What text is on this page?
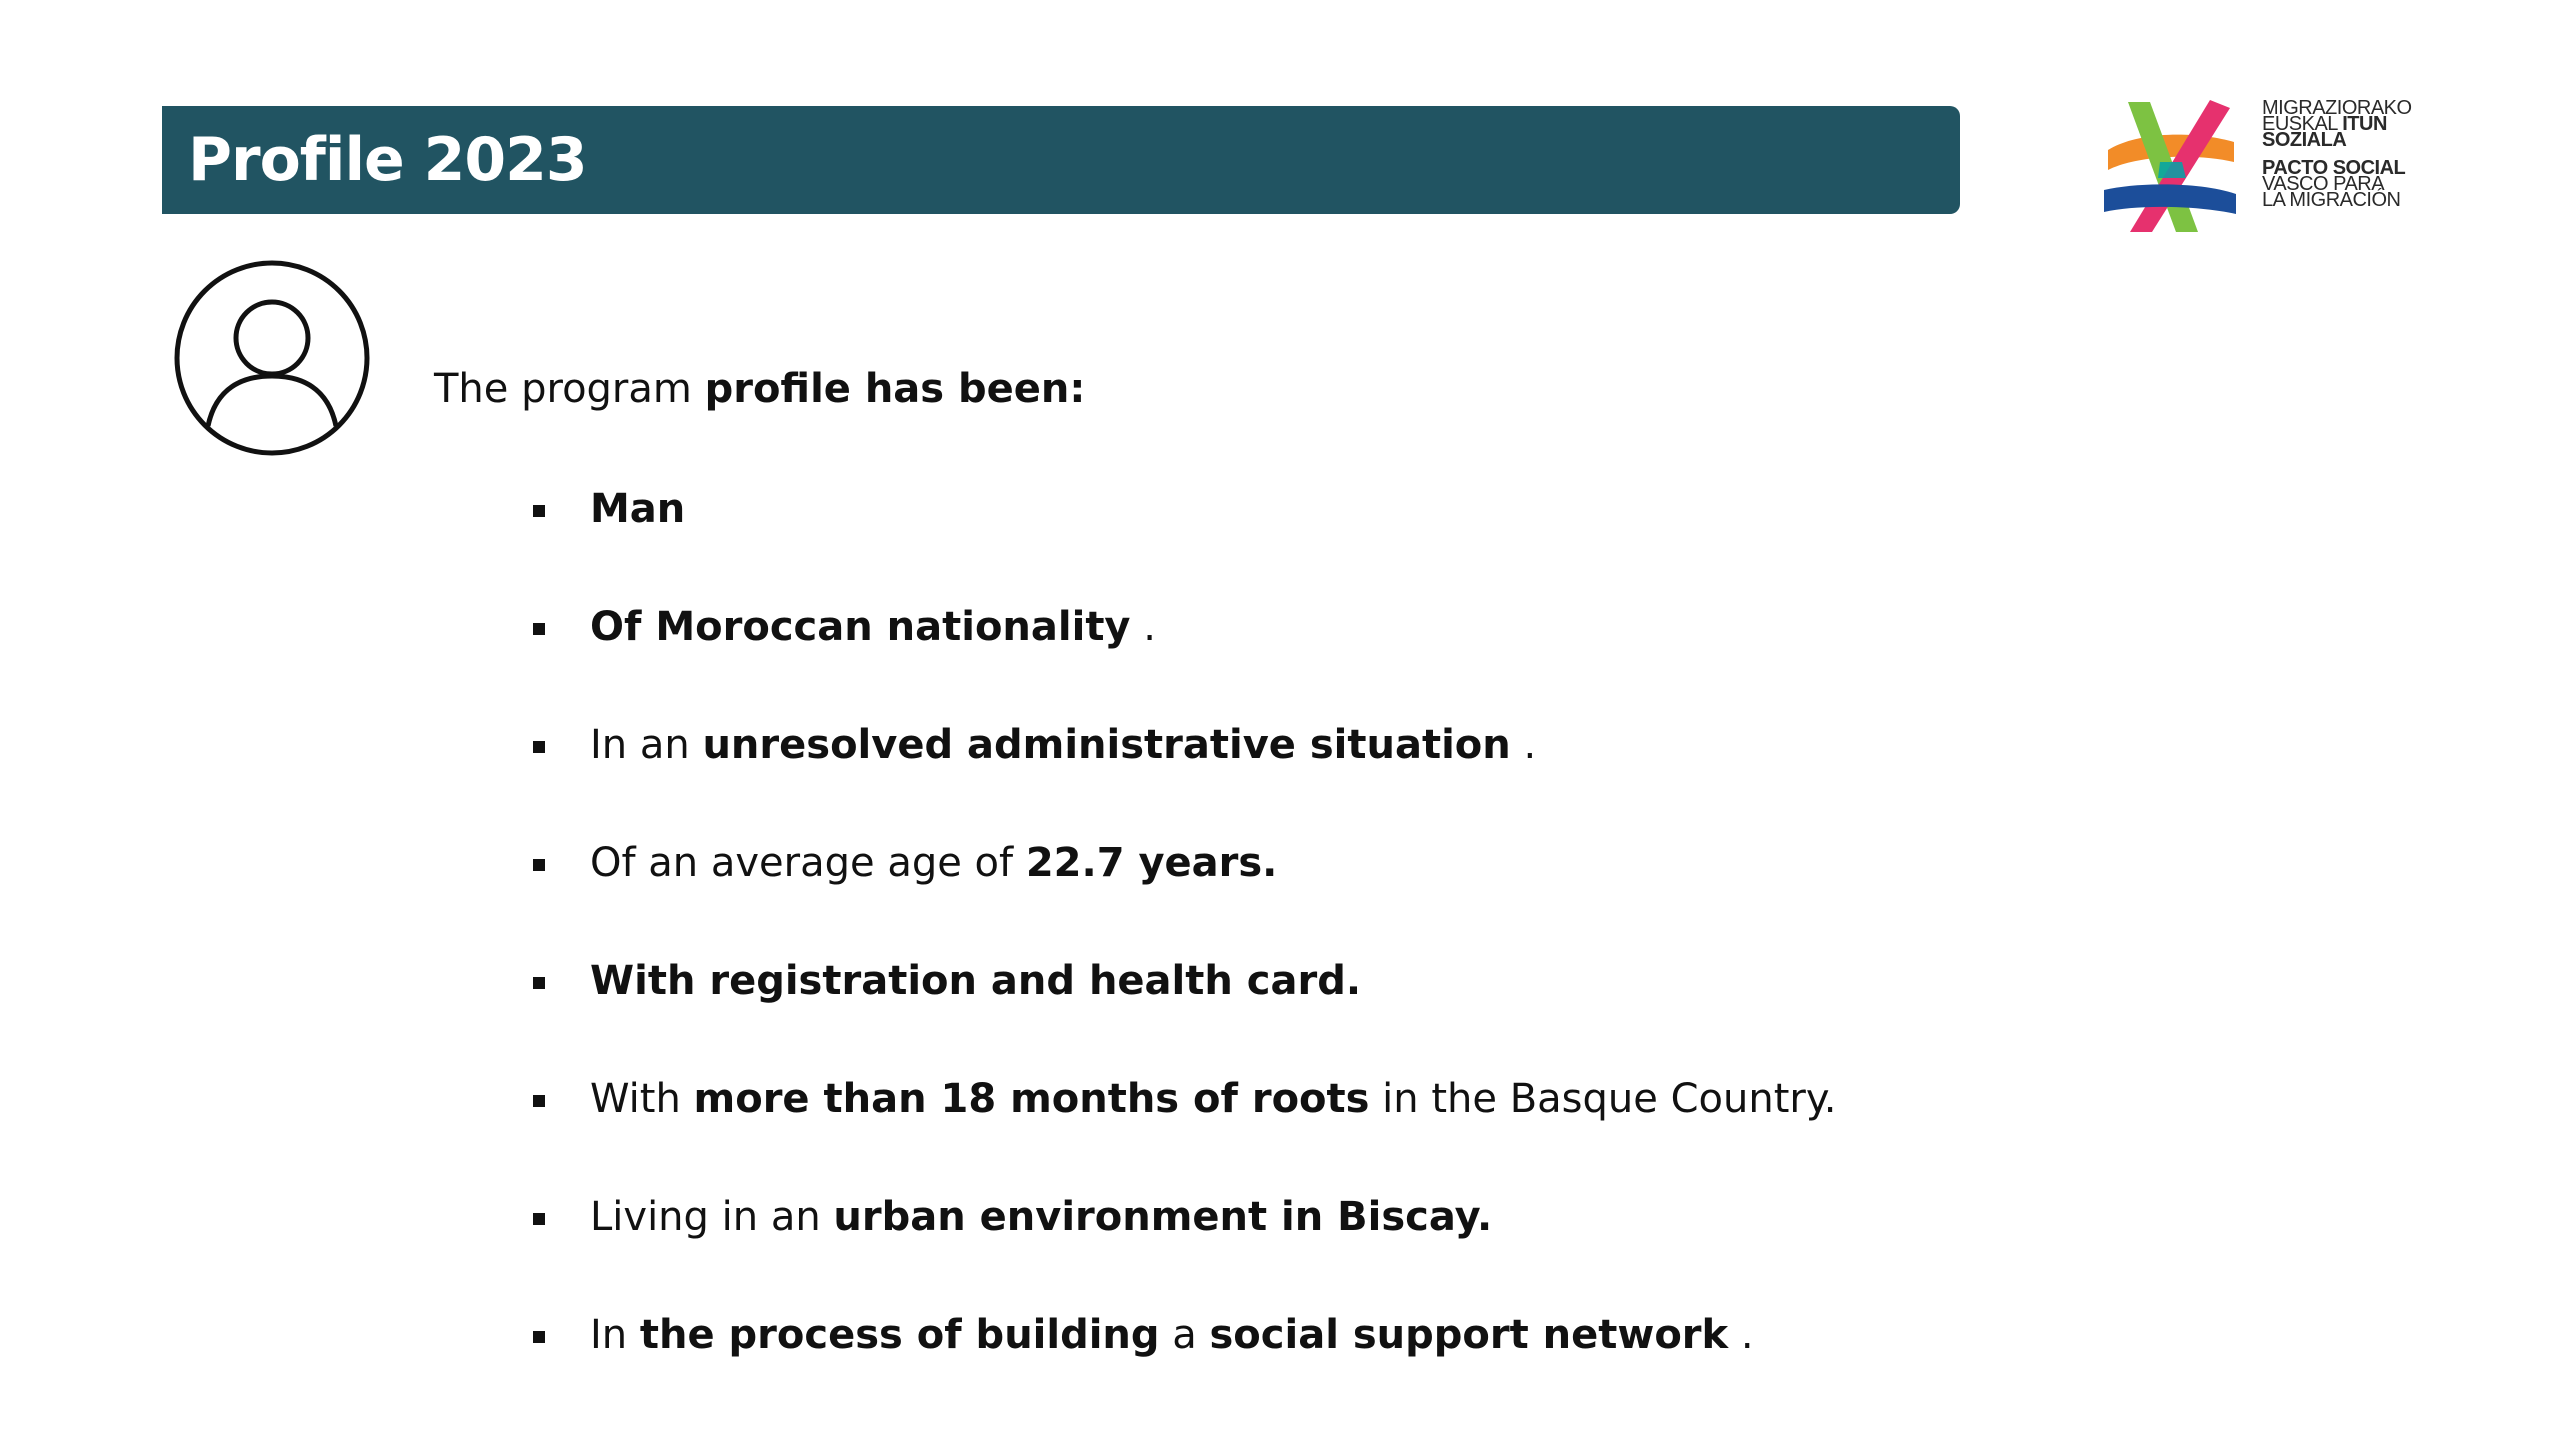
Profile 2023
MIGRAZIORAKO
EUSKAL ITUN
SOZIALA
PACTO SOCIAL
VASCO PARA
LA MIGRACIÓN
The program profile has been:
Man
Of Moroccan nationality .
In an unresolved administrative situation .
Of an average age of 22.7 years.
With registration and health card.
With more than 18 months of roots in the Basque Country.
Living in an urban environment in Biscay.
In the process of building a social support network .
